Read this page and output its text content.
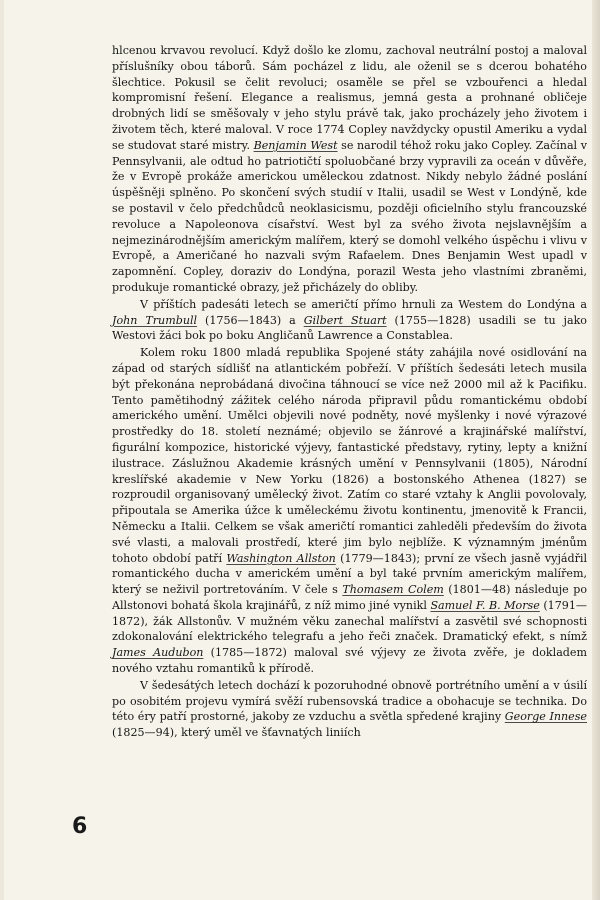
hlcenou krvavou revolucí. Když došlo ke zlomu, zachoval neutrální postoj a maloval příslušníky obou táborů. Sám pocházel z lidu, ale oženil se s dcerou bohatého šlechtice. Pokusil se čelit revoluci; osaměle se přel se vzbouřenci a hledal kompromisní řešení. Elegance a realismus, jemná gesta a prohnané obličeje drobných lidí se směšovaly v jeho stylu právě tak, jako procházely jeho životem i životem těch, které maloval. V roce 1774 Copley navždycky opustil Ameriku a vydal se studovat staré mistry. Benjamin West se narodil téhož roku jako Copley. Začínal v Pennsylvanii, ale odtud ho patriotičtí spoluobčané brzy vypravili za oceán v důvěře, že v Evropě prokáže americkou uměleckou zdatnost. Nikdy nebylo žádné poslání úspěšněji splněno. Po skončení svých studií v Italii, usadil se West v Londýně, kde se postavil v čelo předchůdců neoklasicismu, později oficielního stylu francouzské revoluce a Napoleonova císařství. West byl za svého života nejslavnějším a nejmezinárodnějším americkým malířem, který se domohl velkého úspěchu i vlivu v Evropě, a Američané ho nazvali svým Rafaelem. Dnes Benjamin West upadl v zapomnění. Copley, doraziv do Londýna, porazil Westa jeho vlastními zbraněmi, produkuje romantické obrazy, jež přicházely do obliby.

V příštích padesáti letech se američtí přímo hrnuli za Westem do Londýna a John Trumbull (1756—1843) a Gilbert Stuart (1755—1828) usadili se tu jako Westovi žáci bok po boku Angličanů Lawrence a Constablea.

Kolem roku 1800 mladá republika Spojené státy zahájila nové osidlování na západ od starých sídlišť na atlantickém pobřeží. V příštích šedesáti letech musila být překonána neprobádaná divočina táhnoucí se více než 2000 mil až k Pacifiku. Tento pamětihodný zážitek celého národa připravil půdu romantickému období amerického umění. Umělci objevili nové podněty, nové myšlenky i nové výrazové prostředky do 18. století neznámé; objevilo se žánrové a krajinářské malířství, figurální kompozice, historické výjevy, fantastické představy, rytiny, lepty a knižní ilustrace. Záslužnou Akademie krásných umění v Pennsylvanii (1805), Národní kreslířské akademie v New Yorku (1826) a bostonského Athenea (1827) se rozproudil organisovaný umělecký život. Zatím co staré vztahy k Anglii povolovaly, připoutala se Amerika úžce k uměleckému životu kontinentu, jmenovitě k Francii, Německu a Italii. Celkem se však američtí romantici zahleděli především do života své vlasti, a malovali prostředí, které jim bylo nejblíže. K významným jménům tohoto období patří Washington Allston (1779—1843); první ze všech jasně vyjádřil romantického ducha v americkém umění a byl také prvním americkým malířem, který se neživil portretováním. V čele s Thomasem Colem (1801—48) následuje po Allstonovi bohatá škola krajinářů, z níž mimo jiné vynikl Samuel F. B. Morse (1791—1872), žák Allstonův. V mužném věku zanechal malířství a zasvětil své schopnosti zdokonalování elektrického telegrafu a jeho řeči značek. Dramatický efekt, s nímž James Audubon (1785—1872) maloval své výjevy ze života zvěře, je dokladem nového vztahu romantiků k přírodě.

V šedesátých letech dochází k pozoruhodné obnově portrétního umění a v úsilí po osobitém projevu vymírá svěží rubensovská tradice a obohacuje se technika. Do této éry patří prostorné, jakoby ze vzduchu a světla spředené krajiny George Innese (1825—94), který uměl ve šťavnatých liniích

6
